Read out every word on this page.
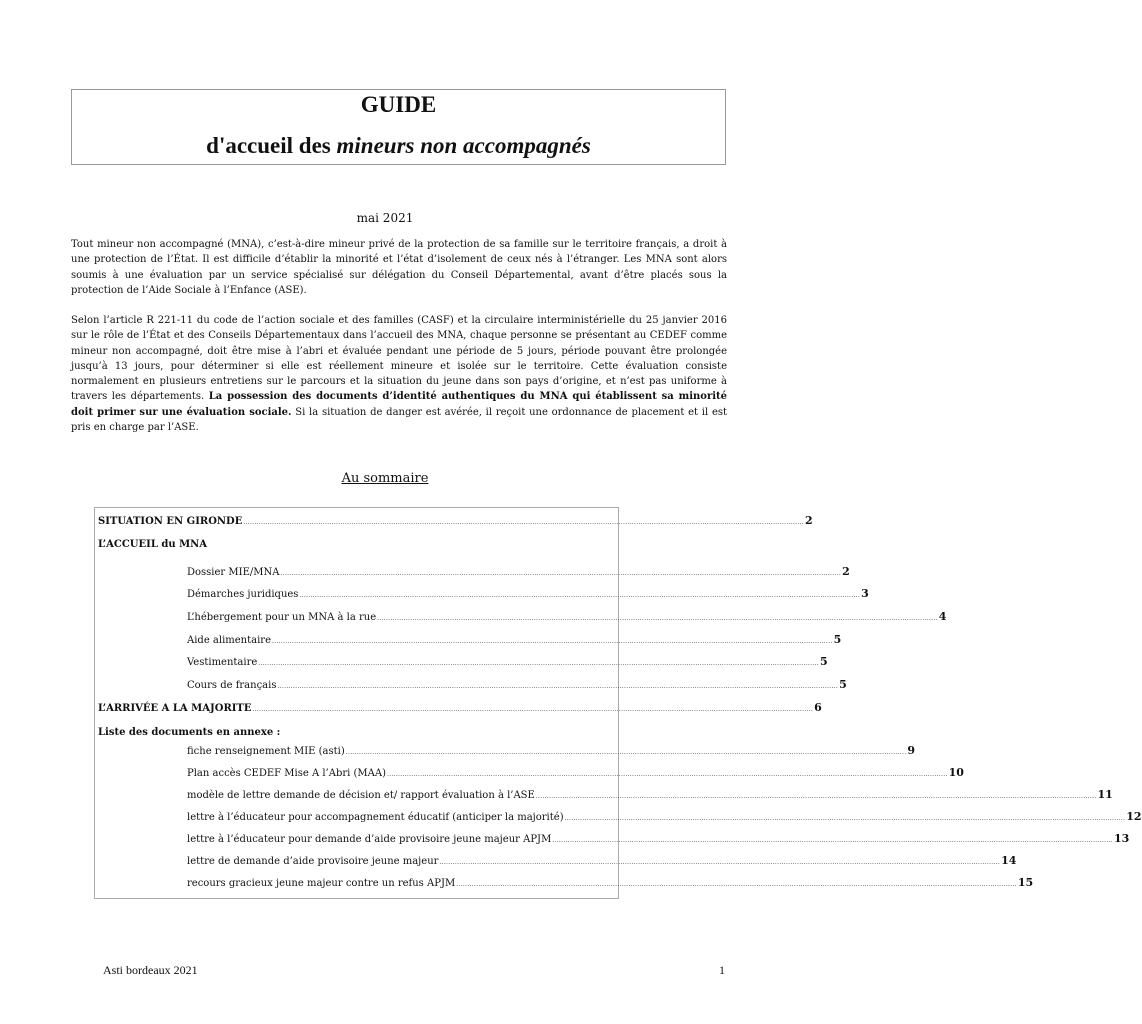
GUIDE
d'accueil des mineurs non accompagnés
mai 2021

Tout mineur non accompagné (MNA), c’est-à-dire mineur privé de la protection de sa famille sur le territoire français, a droit à une protection de l’État. Il est difficile d’établir la minorité et l’état d’isolement de ceux nés à l’étranger. Les MNA sont alors soumis à une évaluation par un service spécialisé sur délégation du Conseil Départemental, avant d’être placés sous la protection de l’Aide Sociale à l’Enfance (ASE).

Selon l’article R 221-11 du code de l’action sociale et des familles (CASF) et la circulaire interministérielle du 25 janvier 2016 sur le rôle de l’État et des Conseils Départementaux dans l’accueil des MNA, chaque personne se présentant au CEDEF comme mineur non accompagné, doit être mise à l’abri et évaluée pendant une période de 5 jours, période pouvant être prolongée jusqu’à 13 jours, pour déterminer si elle est réellement mineure et isolée sur le territoire. Cette évaluation consiste normalement en plusieurs entretiens sur le parcours et la situation du jeune dans son pays d’origine, et n’est pas uniforme à travers les départements. La possession des documents d’identité authentiques du MNA qui établissent sa minorité doit primer sur une évaluation sociale. Si la situation de danger est avérée, il reçoit une ordonnance de placement et il est pris en charge par l’ASE.

Au sommaire
SITUATION EN GIRONDE .............................................................................................................................................................................................................................................................. 2
L’ACCUEIL du MNA
Dossier MIE/MNA .............................................................................................................................................................................................................................................................. 2
Démarches juridiques .............................................................................................................................................................................................................................................................. 3
L’hébergement pour un MNA à la rue .............................................................................................................................................................................................................................................................. 4
Aide alimentaire .............................................................................................................................................................................................................................................................. 5
Vestimentaire .............................................................................................................................................................................................................................................................. 5
Cours de français .............................................................................................................................................................................................................................................................. 5
L’ARRIVÉE A LA MAJORITE .............................................................................................................................................................................................................................................................. 6
Liste des documents en annexe :
fiche renseignement MIE (asti) .............................................................................................................................................................................................................................................................. 9
Plan accès CEDEF Mise A l’Abri (MAA) .............................................................................................................................................................................................................................................................. 10
modèle de lettre demande de décision et/ rapport évaluation à l’ASE .............................................................................................................................................................................................................................................................. 11
lettre à l’éducateur pour accompagnement éducatif (anticiper la majorité) .............................................................................................................................................................................................................................................................. 12
lettre à l’éducateur pour demande d’aide provisoire jeune majeur APJM .............................................................................................................................................................................................................................................................. 13
lettre de demande d’aide provisoire jeune majeur .............................................................................................................................................................................................................................................................. 14
recours gracieux jeune majeur contre un refus APJM .............................................................................................................................................................................................................................................................. 15
Asti bordeaux 2021	1
